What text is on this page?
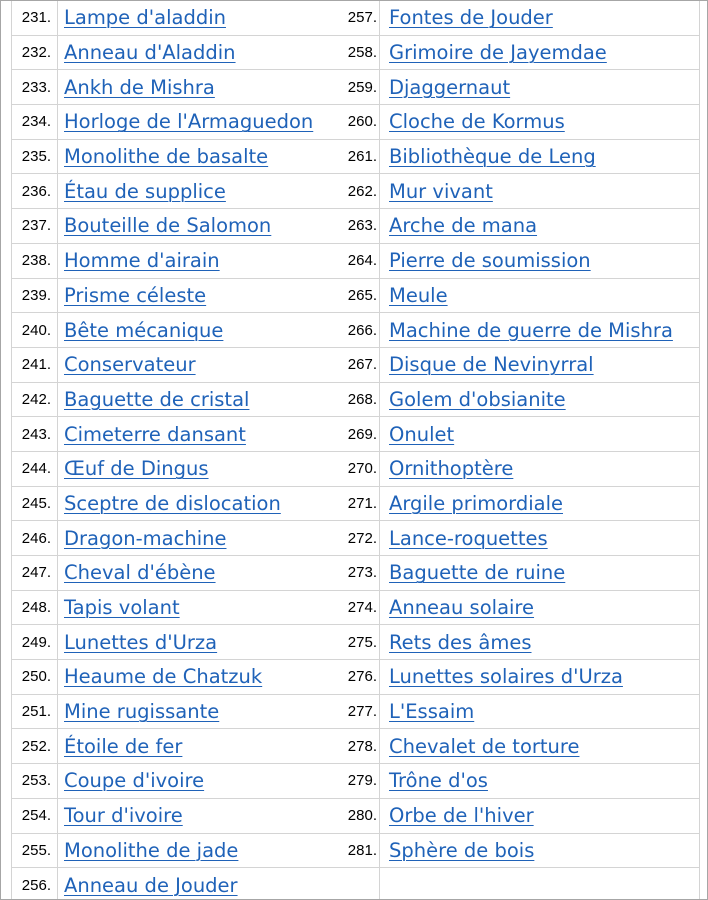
231. Lampe d'aladdin
232. Anneau d'Aladdin
233. Ankh de Mishra
234. Horloge de l'Armaguedon
235. Monolithe de basalte
236. Étau de supplice
237. Bouteille de Salomon
238. Homme d'airain
239. Prisme céleste
240. Bête mécanique
241. Conservateur
242. Baguette de cristal
243. Cimeterre dansant
244. Œuf de Dingus
245. Sceptre de dislocation
246. Dragon-machine
247. Cheval d'ébène
248. Tapis volant
249. Lunettes d'Urza
250. Heaume de Chatzuk
251. Mine rugissante
252. Étoile de fer
253. Coupe d'ivoire
254. Tour d'ivoire
255. Monolithe de jade
256. Anneau de Jouder
257. Fontes de Jouder
258. Grimoire de Jayemdae
259. Djaggernaut
260. Cloche de Kormus
261. Bibliothèque de Leng
262. Mur vivant
263. Arche de mana
264. Pierre de soumission
265. Meule
266. Machine de guerre de Mishra
267. Disque de Nevinyrral
268. Golem d'obsianite
269. Onulet
270. Ornithoptère
271. Argile primordiale
272. Lance-roquettes
273. Baguette de ruine
274. Anneau solaire
275. Rets des âmes
276. Lunettes solaires d'Urza
277. L'Essaim
278. Chevalet de torture
279. Trône d'os
280. Orbe de l'hiver
281. Sphère de bois
